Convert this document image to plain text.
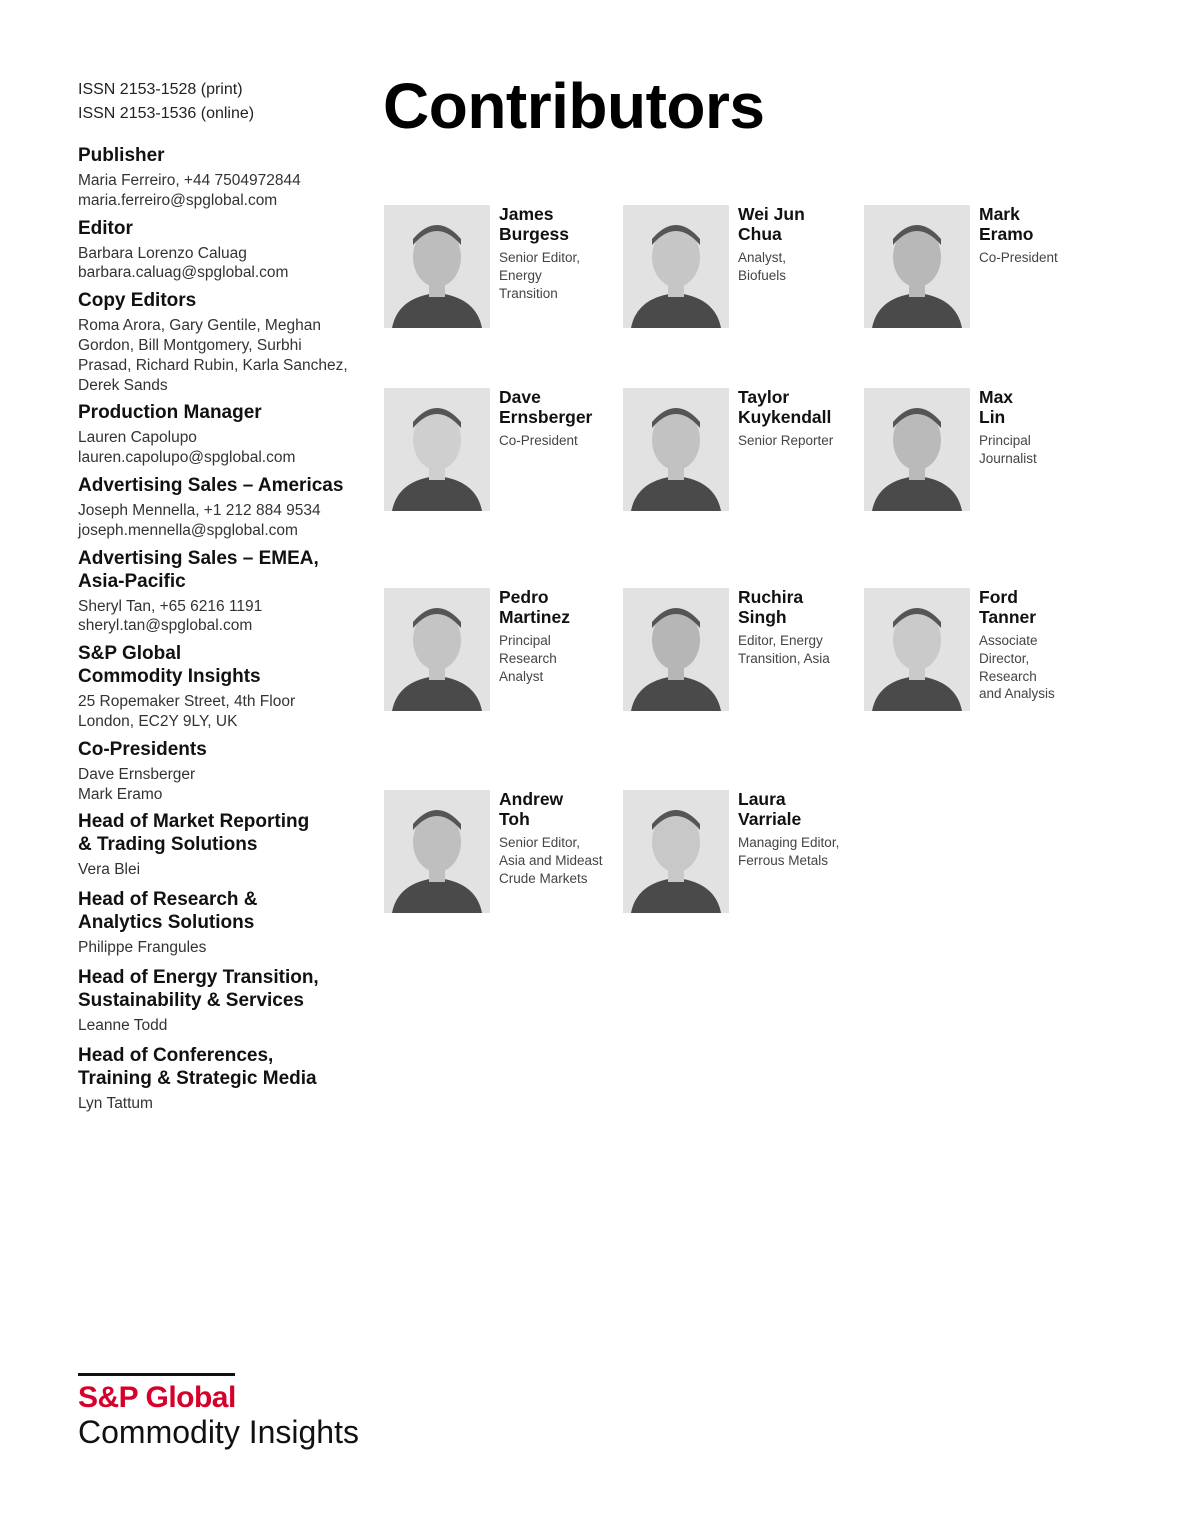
ISSN 2153-1528 (print)
ISSN 2153-1536 (online)
Publisher
Maria Ferreiro, +44 7504972844
maria.ferreiro@spglobal.com
Editor
Barbara Lorenzo Caluag
barbara.caluag@spglobal.com
Copy Editors
Roma Arora, Gary Gentile, Meghan
Gordon, Bill Montgomery, Surbhi
Prasad, Richard Rubin, Karla Sanchez,
Derek Sands
Production Manager
Lauren Capolupo
lauren.capolupo@spglobal.com
Advertising Sales – Americas
Joseph Mennella, +1 212 884 9534
joseph.mennella@spglobal.com
Advertising Sales – EMEA,
Asia-Pacific
Sheryl Tan, +65 6216 1191
sheryl.tan@spglobal.com
S&P Global
Commodity Insights
25 Ropemaker Street, 4th Floor
London, EC2Y 9LY, UK
Co-Presidents
Dave Ernsberger
Mark Eramo
Head of Market Reporting
& Trading Solutions
Vera Blei
Head of Research &
Analytics Solutions
Philippe Frangules
Head of Energy Transition,
Sustainability & Services
Leanne Todd
Head of Conferences,
Training & Strategic Media
Lyn Tattum
Contributors
James
Burgess
Senior Editor,
Energy
Transition
Wei Jun
Chua
Analyst,
Biofuels
Mark
Eramo
Co-President
Dave
Ernsberger
Co-President
Taylor
Kuykendall
Senior Reporter
Max
Lin
Principal
Journalist
Pedro
Martinez
Principal
Research
Analyst
Ruchira
Singh
Editor, Energy
Transition, Asia
Ford
Tanner
Associate
Director,
Research
and Analysis
Andrew
Toh
Senior Editor,
Asia and Mideast
Crude Markets
Laura
Varriale
Managing Editor,
Ferrous Metals
S&P Global
Commodity Insights
